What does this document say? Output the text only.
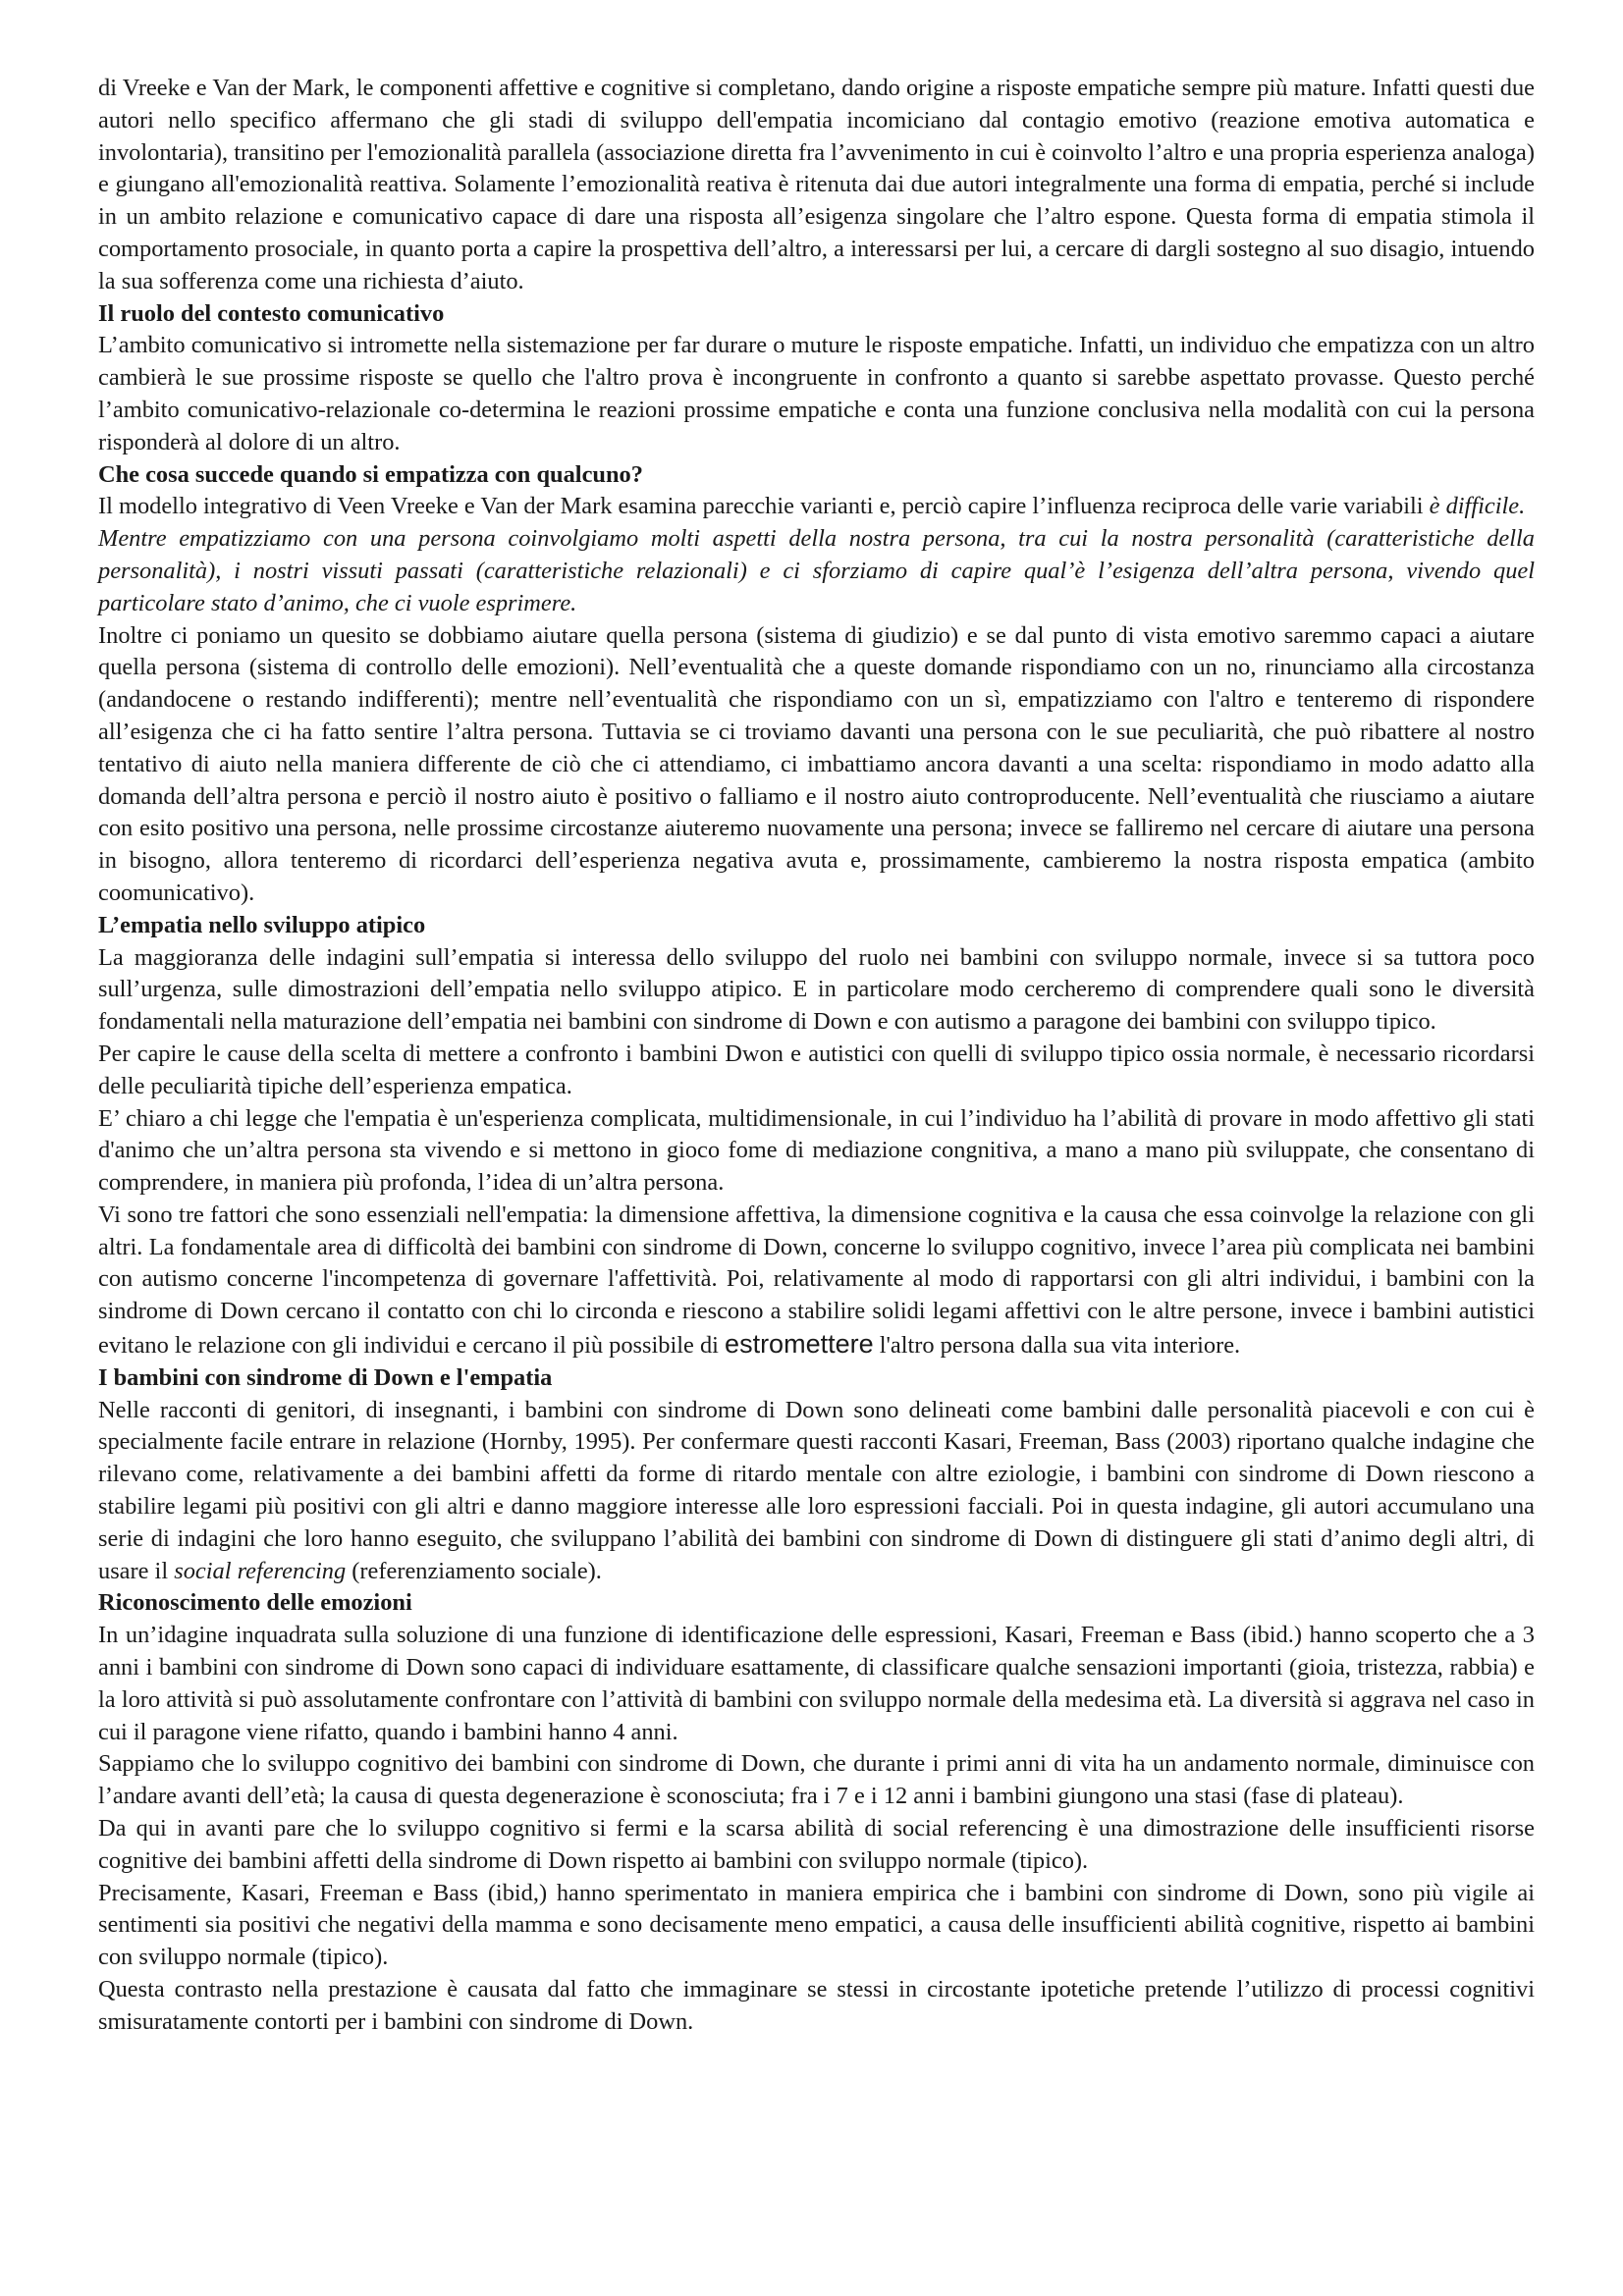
di Vreeke e Van der Mark, le componenti affettive e cognitive si completano, dando origine a risposte empatiche sempre più mature. Infatti questi due autori nello specifico affermano che gli stadi di sviluppo dell'empatia incomiciano dal contagio emotivo (reazione emotiva automatica e involontaria), transitino per l'emozionalità parallela (associazione diretta fra l’avvenimento in cui è coinvolto l’altro e una propria esperienza analoga) e giungano all'emozionalità reattiva. Solamente l’emozionalità reativa è ritenuta dai due autori integralmente una forma di empatia, perché si include in un ambito relazione e comunicativo capace di dare una risposta all’esigenza singolare che l’altro espone. Questa forma di empatia stimola il comportamento prosociale, in quanto porta a capire la prospettiva dell’altro, a interessarsi per lui, a cercare di dargli sostegno al suo disagio, intuendo la sua sofferenza come una richiesta d’aiuto.

Il ruolo del contesto comunicativo

L’ambito comunicativo si intromette nella sistemazione per far durare o muture le risposte empatiche. Infatti, un individuo che empatizza con un altro cambierà le sue prossime risposte se quello che l'altro prova è incongruente in confronto a quanto si sarebbe aspettato provasse. Questo perché l’ambito comunicativo-relazionale co-determina le reazioni prossime empatiche e conta una funzione conclusiva nella modalità con cui la persona risponderà al dolore di un altro.

Che cosa succede quando si empatizza con qualcuno?

Il modello integrativo di Veen Vreeke e Van der Mark esamina parecchie varianti e, perciò capire l’influenza reciproca delle varie variabili è difficile.

Mentre empatizziamo con una persona coinvolgiamo molti aspetti della nostra persona, tra cui la nostra personalità (caratteristiche della personalità), i nostri vissuti passati (caratteristiche relazionali) e ci sforziamo di capire qual’è l’esigenza dell’altra persona, vivendo quel particolare stato d’animo, che ci vuole esprimere.

Inoltre ci poniamo un quesito se dobbiamo aiutare quella persona (sistema di giudizio) e se dal punto di vista emotivo saremmo capaci a aiutare quella persona (sistema di controllo delle emozioni). Nell’eventualità che a queste domande rispondiamo con un no, rinunciamo alla circostanza (andandocene o restando indifferenti); mentre nell’eventualità che rispondiamo con un sì, empatizziamo con l'altro e tenteremo di rispondere all’esigenza che ci ha fatto sentire l’altra persona. Tuttavia se ci troviamo davanti una persona con le sue peculiarità, che può ribattere al nostro tentativo di aiuto nella maniera differente de ciò che ci attendiamo, ci imbattiamo ancora davanti a una scelta: rispondiamo in modo adatto alla domanda dell’altra persona e perciò il nostro aiuto è positivo o falliamo e il nostro aiuto controproducente. Nell’eventualità che riusciamo a aiutare con esito positivo una persona, nelle prossime circostanze aiuteremo nuovamente una persona; invece se falliremo nel cercare di aiutare una persona in bisogno, allora tenteremo di ricordarci dell’esperienza negativa avuta e, prossimamente, cambieremo la nostra risposta empatica (ambito coomunicativo).

L’empatia nello sviluppo atipico

La maggioranza delle indagini sull’empatia si interessa dello sviluppo del ruolo nei bambini con sviluppo normale, invece si sa tuttora poco sull’urgenza, sulle dimostrazioni dell’empatia nello sviluppo atipico. E in particolare modo cercheremo di comprendere quali sono le diversità fondamentali nella maturazione dell’empatia nei bambini con sindrome di Down e con autismo a paragone dei bambini con sviluppo tipico.

Per capire le cause della scelta di mettere a confronto i bambini Dwon e autistici con quelli di sviluppo tipico ossia normale, è necessario ricordarsi delle peculiarità tipiche dell’esperienza empatica.

E’ chiaro a chi legge che l'empatia è un'esperienza complicata, multidimensionale, in cui l’individuo ha l’abilità di provare in modo affettivo gli stati d'animo che un’altra persona sta vivendo e si mettono in gioco fome di mediazione congnitiva, a mano a mano più sviluppate, che consentano di comprendere, in maniera più profonda, l’idea di un’altra persona.

Vi sono tre fattori che sono essenziali nell'empatia: la dimensione affettiva, la dimensione cognitiva e la causa che essa coinvolge la relazione con gli altri. La fondamentale area di difficoltà dei bambini con sindrome di Down, concerne lo sviluppo cognitivo, invece l’area più complicata nei bambini con autismo concerne l'incompetenza di governare l'affettività. Poi, relativamente al modo di rapportarsi con gli altri individui, i bambini con la sindrome di Down cercano il contatto con chi lo circonda e riescono a stabilire solidi legami affettivi con le altre persone, invece i bambini autistici evitano le relazione con gli individui e cercano il più possibile di estromettere l'altro persona dalla sua vita interiore.

I bambini con sindrome di Down e l'empatia

Nelle racconti di genitori, di insegnanti, i bambini con sindrome di Down sono delineati come bambini dalle personalità piacevoli e con cui è specialmente facile entrare in relazione (Hornby, 1995). Per confermare questi racconti Kasari, Freeman, Bass (2003) riportano qualche indagine che rilevano come, relativamente a dei bambini affetti da forme di ritardo mentale con altre eziologie, i bambini con sindrome di Down riescono a stabilire legami più positivi con gli altri e danno maggiore interesse alle loro espressioni facciali. Poi in questa indagine, gli autori accumulano una serie di indagini che loro hanno eseguito, che sviluppano l’abilità dei bambini con sindrome di Down di distinguere gli stati d’animo degli altri, di usare il social referencing (referenziamento sociale).

Riconoscimento delle emozioni

In un’idagine inquadrata sulla soluzione di una funzione di identificazione delle espressioni, Kasari, Freeman e Bass (ibid.) hanno scoperto che a 3 anni i bambini con sindrome di Down sono capaci di individuare esattamente, di classificare qualche sensazioni importanti (gioia, tristezza, rabbia) e la loro attività si può assolutamente confrontare con l’attività di bambini con sviluppo normale della medesima età. La diversità si aggrava nel caso in cui il paragone viene rifatto, quando i bambini hanno 4 anni.

Sappiamo che lo sviluppo cognitivo dei bambini con sindrome di Down, che durante i primi anni di vita ha un andamento normale, diminuisce con l’andare avanti dell’età; la causa di questa degenerazione è sconosciuta; fra i 7 e i 12 anni i bambini giungono una stasi (fase di plateau).

Da qui in avanti pare che lo sviluppo cognitivo si fermi e la scarsa abilità di social referencing è una dimostrazione delle insufficienti risorse cognitive dei bambini affetti della sindrome di Down rispetto ai bambini con sviluppo normale (tipico).

Precisamente, Kasari, Freeman e Bass (ibid,) hanno sperimentato in maniera empirica che i bambini con sindrome di Down, sono più vigile ai sentimenti sia positivi che negativi della mamma e sono decisamente meno empatici, a causa delle insufficienti abilità cognitive, rispetto ai bambini con sviluppo normale (tipico).

Questa contrasto nella prestazione è causata dal fatto che immaginare se stessi in circostante ipotetiche pretende l’utilizzo di processi cognitivi smisuratamente contorti per i bambini con sindrome di Down.
